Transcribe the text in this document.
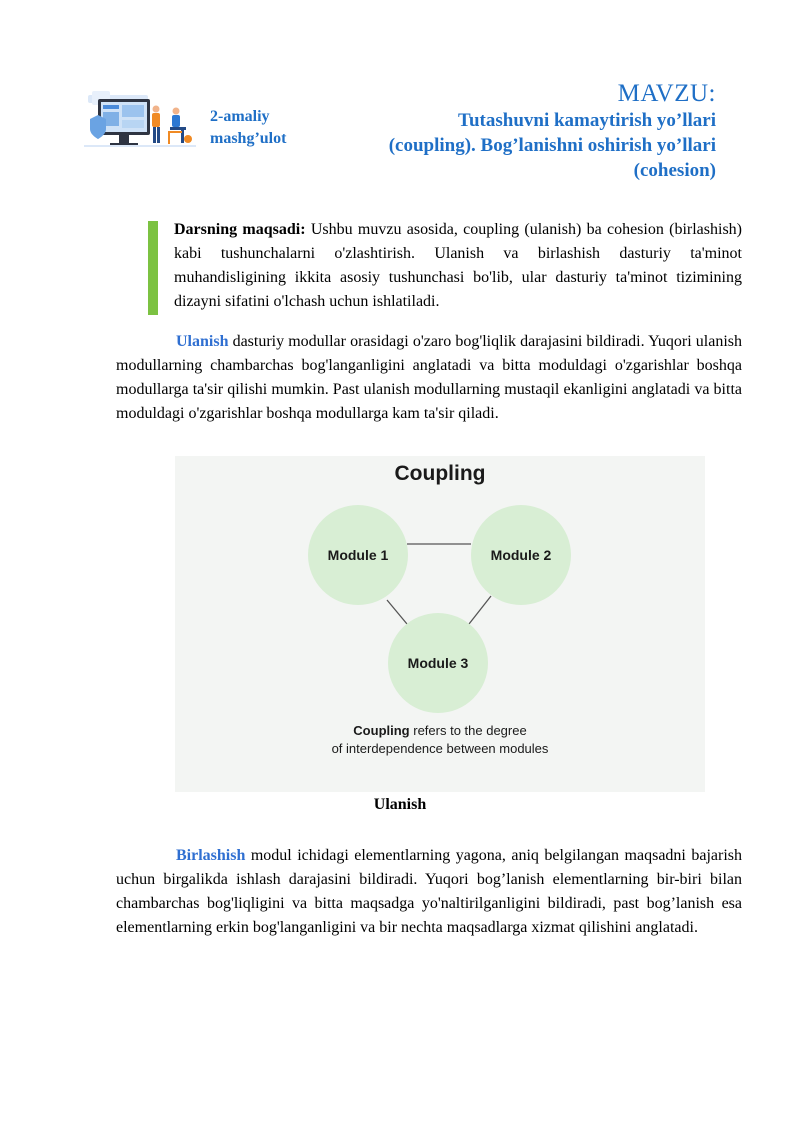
2-amaliy
mashg’ulot
MAVZU:
Tutashuvni kamaytirish yo’llari
(coupling). Bog’lanishni oshirish yo’llari
(cohesion)

Darsning maqsadi: Ushbu muvzu asosida, coupling (ulanish) ba cohesion (birlashish) kabi tushunchalarni o'zlashtirish. Ulanish va birlashish dasturiy ta'minot muhandisligining ikkita asosiy tushunchasi bo'lib, ular dasturiy ta'minot tizimining dizayni sifatini o'lchash uchun ishlatiladi.

Ulanish dasturiy modullar orasidagi o'zaro bog'liqlik darajasini bildiradi. Yuqori ulanish modullarning chambarchas bog'langanligini anglatadi va bitta moduldagi o'zgarishlar boshqa modullarga ta'sir qilishi mumkin. Past ulanish modullarning mustaqil ekanligini anglatadi va bitta moduldagi o'zgarishlar boshqa modullarga kam ta'sir qiladi.

Coupling
Module 1	Module 2
Module 3
Coupling refers to the degree
of interdependence between modules
Ulanish

Birlashish modul ichidagi elementlarning yagona, aniq belgilangan maqsadni bajarish uchun birgalikda ishlash darajasini bildiradi. Yuqori bog’lanish elementlarning bir-biri bilan chambarchas bog'liqligini va bitta maqsadga yo'naltirilganligini bildiradi, past bog’lanish esa elementlarning erkin bog'langanligini va bir nechta maqsadlarga xizmat qilishini anglatadi.
